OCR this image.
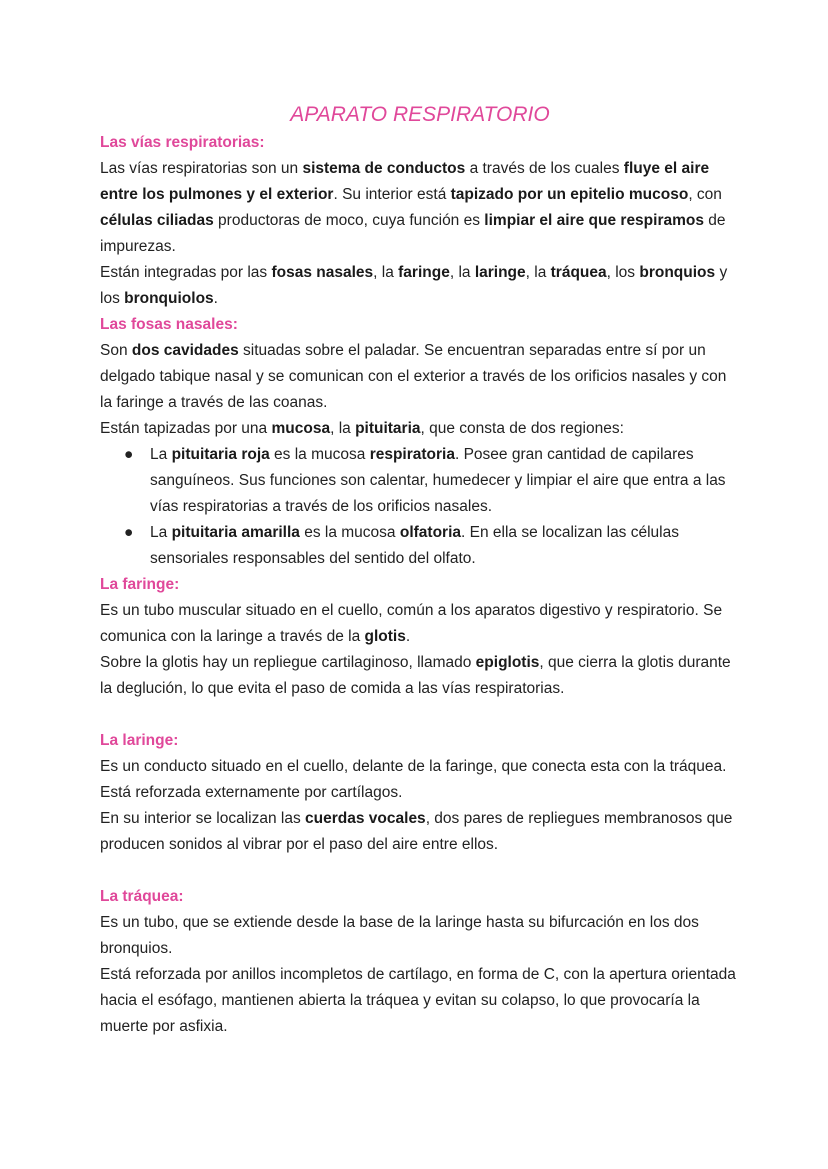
APARATO RESPIRATORIO
Las vías respiratorias:

Las vías respiratorias son un sistema de conductos a través de los cuales fluye el aire entre los pulmones y el exterior. Su interior está tapizado por un epitelio mucoso, con células ciliadas productoras de moco, cuya función es limpiar el aire que respiramos de impurezas.

Están integradas por las fosas nasales, la faringe, la laringe, la tráquea, los bronquios y los bronquiolos.

Las fosas nasales:

Son dos cavidades situadas sobre el paladar. Se encuentran separadas entre sí por un delgado tabique nasal y se comunican con el exterior a través de los orificios nasales y con la faringe a través de las coanas.

Están tapizadas por una mucosa, la pituitaria, que consta de dos regiones:

● La pituitaria roja es la mucosa respiratoria. Posee gran cantidad de capilares sanguíneos. Sus funciones son calentar, humedecer y limpiar el aire que entra a las vías respiratorias a través de los orificios nasales.
● La pituitaria amarilla es la mucosa olfatoria. En ella se localizan las células sensoriales responsables del sentido del olfato.
La faringe:

Es un tubo muscular situado en el cuello, común a los aparatos digestivo y respiratorio. Se comunica con la laringe a través de la glotis.

Sobre la glotis hay un repliegue cartilaginoso, llamado epiglotis, que cierra la glotis durante la deglución, lo que evita el paso de comida a las vías respiratorias.

La laringe:

Es un conducto situado en el cuello, delante de la faringe, que conecta esta con la tráquea. Está reforzada externamente por cartílagos.

En su interior se localizan las cuerdas vocales, dos pares de repliegues membranosos que producen sonidos al vibrar por el paso del aire entre ellos.

La tráquea:

Es un tubo, que se extiende desde la base de la laringe hasta su bifurcación en los dos bronquios.

Está reforzada por anillos incompletos de cartílago, en forma de C, con la apertura orientada hacia el esófago, mantienen abierta la tráquea y evitan su colapso, lo que provocaría la muerte por asfixia.
